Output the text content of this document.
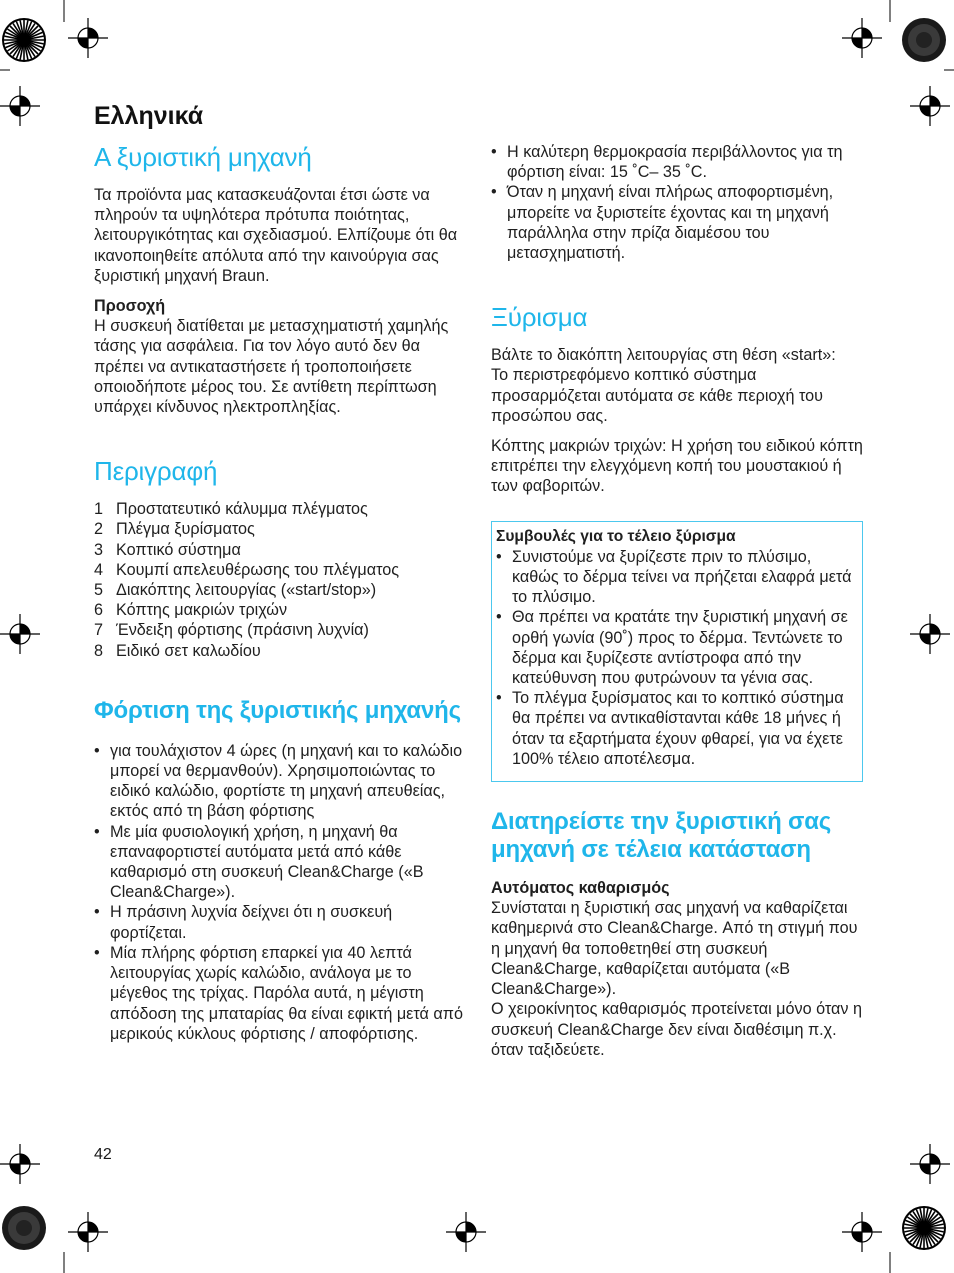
Ελληνικά
Α ξυριστική μηχανή

Τα προϊόντα μας κατασκευάζονται έτσι ώστε να πληρούν τα υψηλότερα πρότυπα ποιότητας, λειτουργικότητας και σχεδιασμού. Ελπίζουμε ότι θα ικανοποιηθείτε απόλυτα από την καινούργια σας ξυριστική μηχανή Braun.

Προσοχή

Η συσκευή διατίθεται με μετασχηματιστή χαμηλής τάσης για ασφάλεια. Για τον λόγο αυτό δεν θα πρέπει να αντικαταστήσετε ή τροποποιήσετε οποιοδήποτε μέρος του. Σε αντίθετη περίπτωση υπάρχει κίνδυνος ηλεκτροπληξίας.

Περιγραφή
1 Προστατευτικό κάλυμμα πλέγματος
2 Πλέγμα ξυρίσματος
3 Κοπτικό σύστημα
4 Κουμπί απελευθέρωσης του πλέγματος
5 Διακόπτης λειτουργίας («start/stop»)
6 Κόπτης μακριών τριχών
7 Ένδειξη φόρτισης (πράσινη λυχνία)
8 Ειδικό σετ καλωδίου
Φόρτιση της ξυριστικής μηχανής
• για τουλάχιστον 4 ώρες (η μηχανή και το καλώδιο μπορεί να θερμανθούν). Χρησιμοποιώντας το ειδικό καλώδιο, φορτίστε τη μηχανή απευθείας, εκτός από τη βάση φόρτισης
• Με μία φυσιολογική χρήση, η μηχανή θα επαναφορτιστεί αυτόματα μετά από κάθε καθαρισμό στη συσκευή Clean&Charge («B Clean&Charge»).
• Η πράσινη λυχνία δείχνει ότι η συσκευή φορτίζεται.
• Μία πλήρης φόρτιση επαρκεί για 40 λεπτά λειτουργίας χωρίς καλώδιο, ανάλογα με το μέγεθος της τρίχας. Παρόλα αυτά, η μέγιστη απόδοση της μπαταρίας θα είναι εφικτή μετά από μερικούς κύκλους φόρτισης / αποφόρτισης.
• Η καλύτερη θερμοκρασία περιβάλλοντος για τη φόρτιση είναι: 15 ˚C– 35 ˚C.
• Όταν η μηχανή είναι πλήρως αποφορτισμένη, μπορείτε να ξυριστείτε έχοντας και τη μηχανή παράλληλα στην πρίζα διαμέσου του μετασχηματιστή.
Ξύρισμα

Βάλτε το διακόπτη λειτουργίας στη θέση «start»:

Το περιστρεφόμενο κοπτικό σύστημα προσαρμόζεται αυτόματα σε κάθε περιοχή του προσώπου σας.

Κόπτης μακριών τριχών: Η χρήση του ειδικού κόπτη επιτρέπει την ελεγχόμενη κοπή του μουστακιού ή των φαβοριτών.

Συμβουλές για το τέλειο ξύρισμα

• Συνιστούμε να ξυρίζεστε πριν το πλύσιμο, καθώς το δέρμα τείνει να πρήζεται ελαφρά μετά το πλύσιμο.
• Θα πρέπει να κρατάτε την ξυριστική μηχανή σε ορθή γωνία (90˚) προς το δέρμα. Τεντώνετε το δέρμα και ξυρίζεστε αντίστροφα από την κατεύθυνση που φυτρώνουν τα γένια σας.
• Το πλέγμα ξυρίσματος και το κοπτικό σύστημα θα πρέπει να αντικαθίστανται κάθε 18 μήνες ή όταν τα εξαρτήματα έχουν φθαρεί, για να έχετε 100% τέλειο αποτέλεσμα.
Διατηρείστε την ξυριστική σας μηχανή σε τέλεια κατάσταση

Αυτόματος καθαρισμός

Συνίσταται η ξυριστική σας μηχανή να καθαρίζεται καθημερινά στο Clean&Charge. Από τη στιγμή που η μηχανή θα τοποθετηθεί στη συσκευή Clean&Charge, καθαρίζεται αυτόματα («B Clean&Charge»).

Ο χειροκίνητος καθαρισμός προτείνεται μόνο όταν η συσκευή Clean&Charge δεν είναι διαθέσιμη π.χ. όταν ταξιδεύετε.

42
